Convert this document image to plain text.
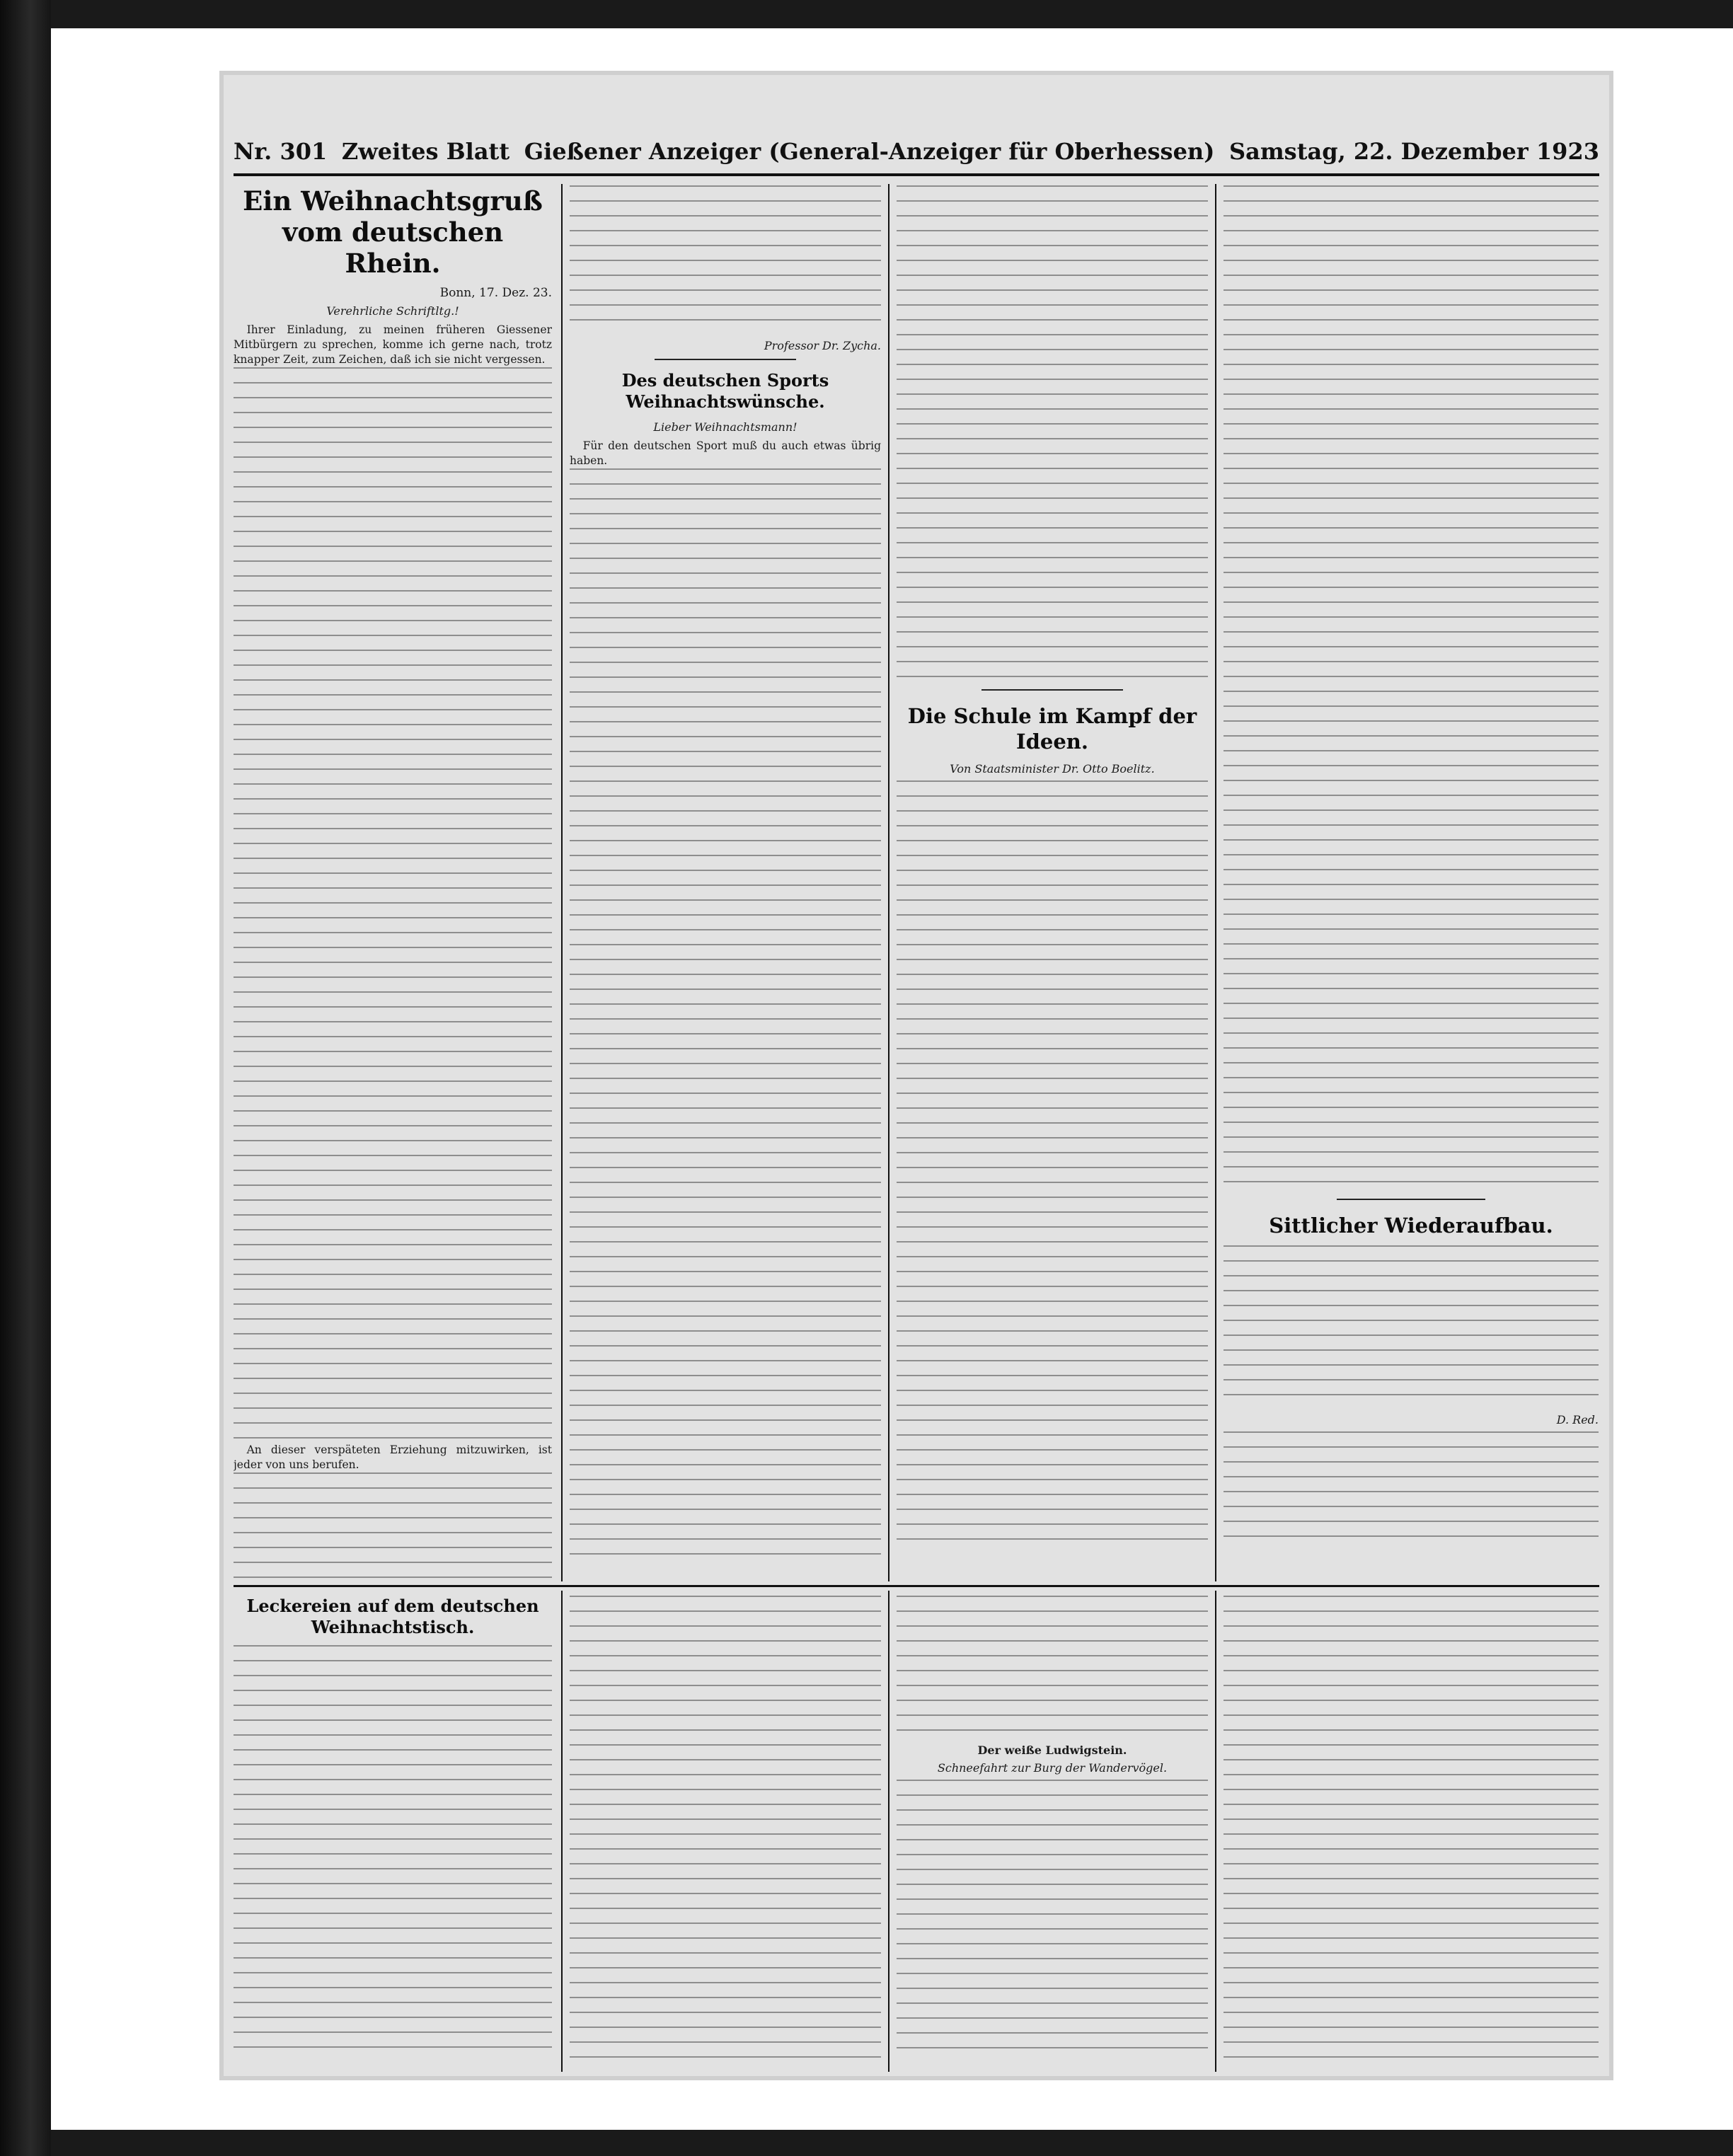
Nr. 301 Zweites Blatt Gießener Anzeiger (General-Anzeiger für Oberhessen) Samstag, 22. Dezember 1923
Ein Weihnachtsgruß vom deutschen Rhein.

Bonn, 17. Dez. 23.

Verehrliche Schriftltg.!

Ihrer Einladung, zu meinen früheren Giessener Mitbürgern zu sprechen, komme ich gerne nach, trotz knapper Zeit, zum Zeichen, daß ich sie nicht vergessen.

An dieser verspäteten Erziehung mitzuwirken, ist jeder von uns berufen.

Professor Dr. Zycha.

Des deutschen Sports Weihnachtswünsche.

Lieber Weihnachtsmann!

Für den deutschen Sport muß du auch etwas übrig haben.

Die Schule im Kampf der Ideen.

Von Staatsminister Dr. Otto Boelitz.

Sittlicher Wiederaufbau.

D. Red.

Leckereien auf dem deutschen Weihnachtstisch.

Der weiße Ludwigstein.

Schneefahrt zur Burg der Wandervögel.
